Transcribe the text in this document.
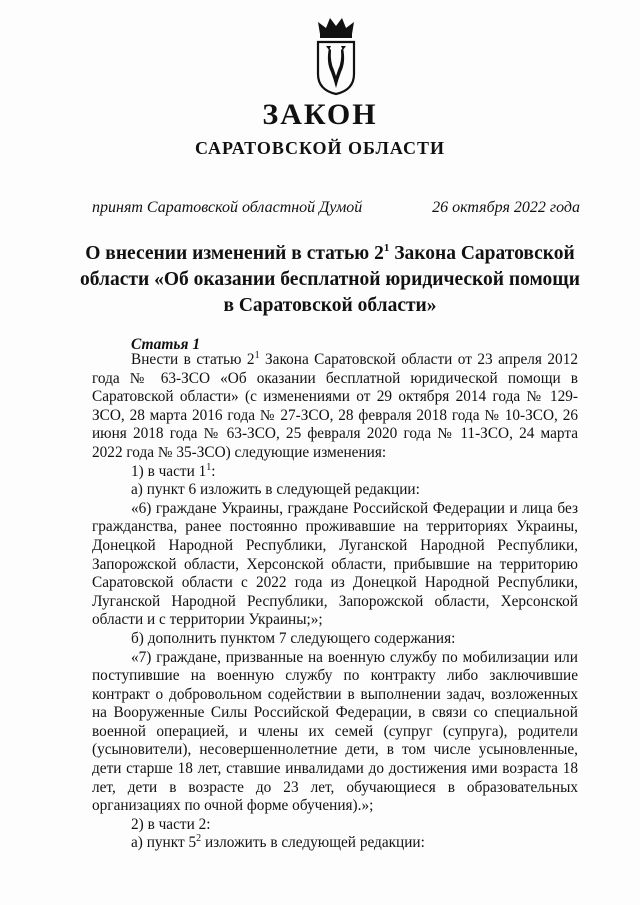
ЗАКОН
САРАТОВСКОЙ ОБЛАСТИ
принят Саратовской областной Думой	26 октября 2022 года
О внесении изменений в статью $2^1$ Закона Саратовской области «Об оказании бесплатной юридической помощи в Саратовской области»
Статья 1

Внести в статью $2^1$ Закона Саратовской области от 23 апреля 2012 года № 63-ЗСО «Об оказании бесплатной юридической помощи в Саратовской области» (с изменениями от 29 октября 2014 года № 129-ЗСО, 28 марта 2016 года № 27-ЗСО, 28 февраля 2018 года № 10-ЗСО, 26 июня 2018 года № 63-ЗСО, 25 февраля 2020 года № 11-ЗСО, 24 марта 2022 года № 35-ЗСО) следующие изменения:

1) в части $1^1$:

а) пункт 6 изложить в следующей редакции:

«6) граждане Украины, граждане Российской Федерации и лица без гражданства, ранее постоянно проживавшие на территориях Украины, Донецкой Народной Республики, Луганской Народной Республики, Запорожской области, Херсонской области, прибывшие на территорию Саратовской области с 2022 года из Донецкой Народной Республики, Луганской Народной Республики, Запорожской области, Херсонской области и с территории Украины;»;

б) дополнить пунктом 7 следующего содержания:

«7) граждане, призванные на военную службу по мобилизации или поступившие на военную службу по контракту либо заключившие контракт о добровольном содействии в выполнении задач, возложенных на Вооруженные Силы Российской Федерации, в связи со специальной военной операцией, и члены их семей (супруг (супруга), родители (усыновители), несовершеннолетние дети, в том числе усыновленные, дети старше 18 лет, ставшие инвалидами до достижения ими возраста 18 лет, дети в возрасте до 23 лет, обучающиеся в образовательных организациях по очной форме обучения).»;

2) в части 2:

а) пункт $5^2$ изложить в следующей редакции:
